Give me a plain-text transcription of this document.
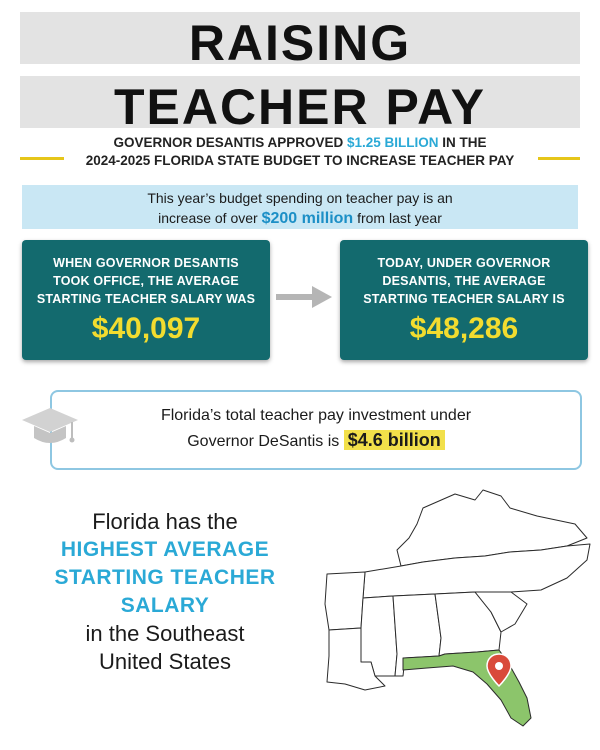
RAISING
TEACHER PAY
GOVERNOR DESANTIS APPROVED $1.25 BILLION IN THE
2024-2025 FLORIDA STATE BUDGET TO INCREASE TEACHER PAY
This year’s budget spending on teacher pay is an
increase of over $200 million from last year
WHEN GOVERNOR DESANTIS
TOOK OFFICE, THE AVERAGE
STARTING TEACHER SALARY WAS
$40,097
TODAY, UNDER GOVERNOR
DESANTIS, THE AVERAGE
STARTING TEACHER SALARY IS
$48,286
Florida’s total teacher pay investment under
Governor DeSantis is $4.6 billion
Florida has the
HIGHEST AVERAGE
STARTING TEACHER
SALARY
in the Southeast
United States
